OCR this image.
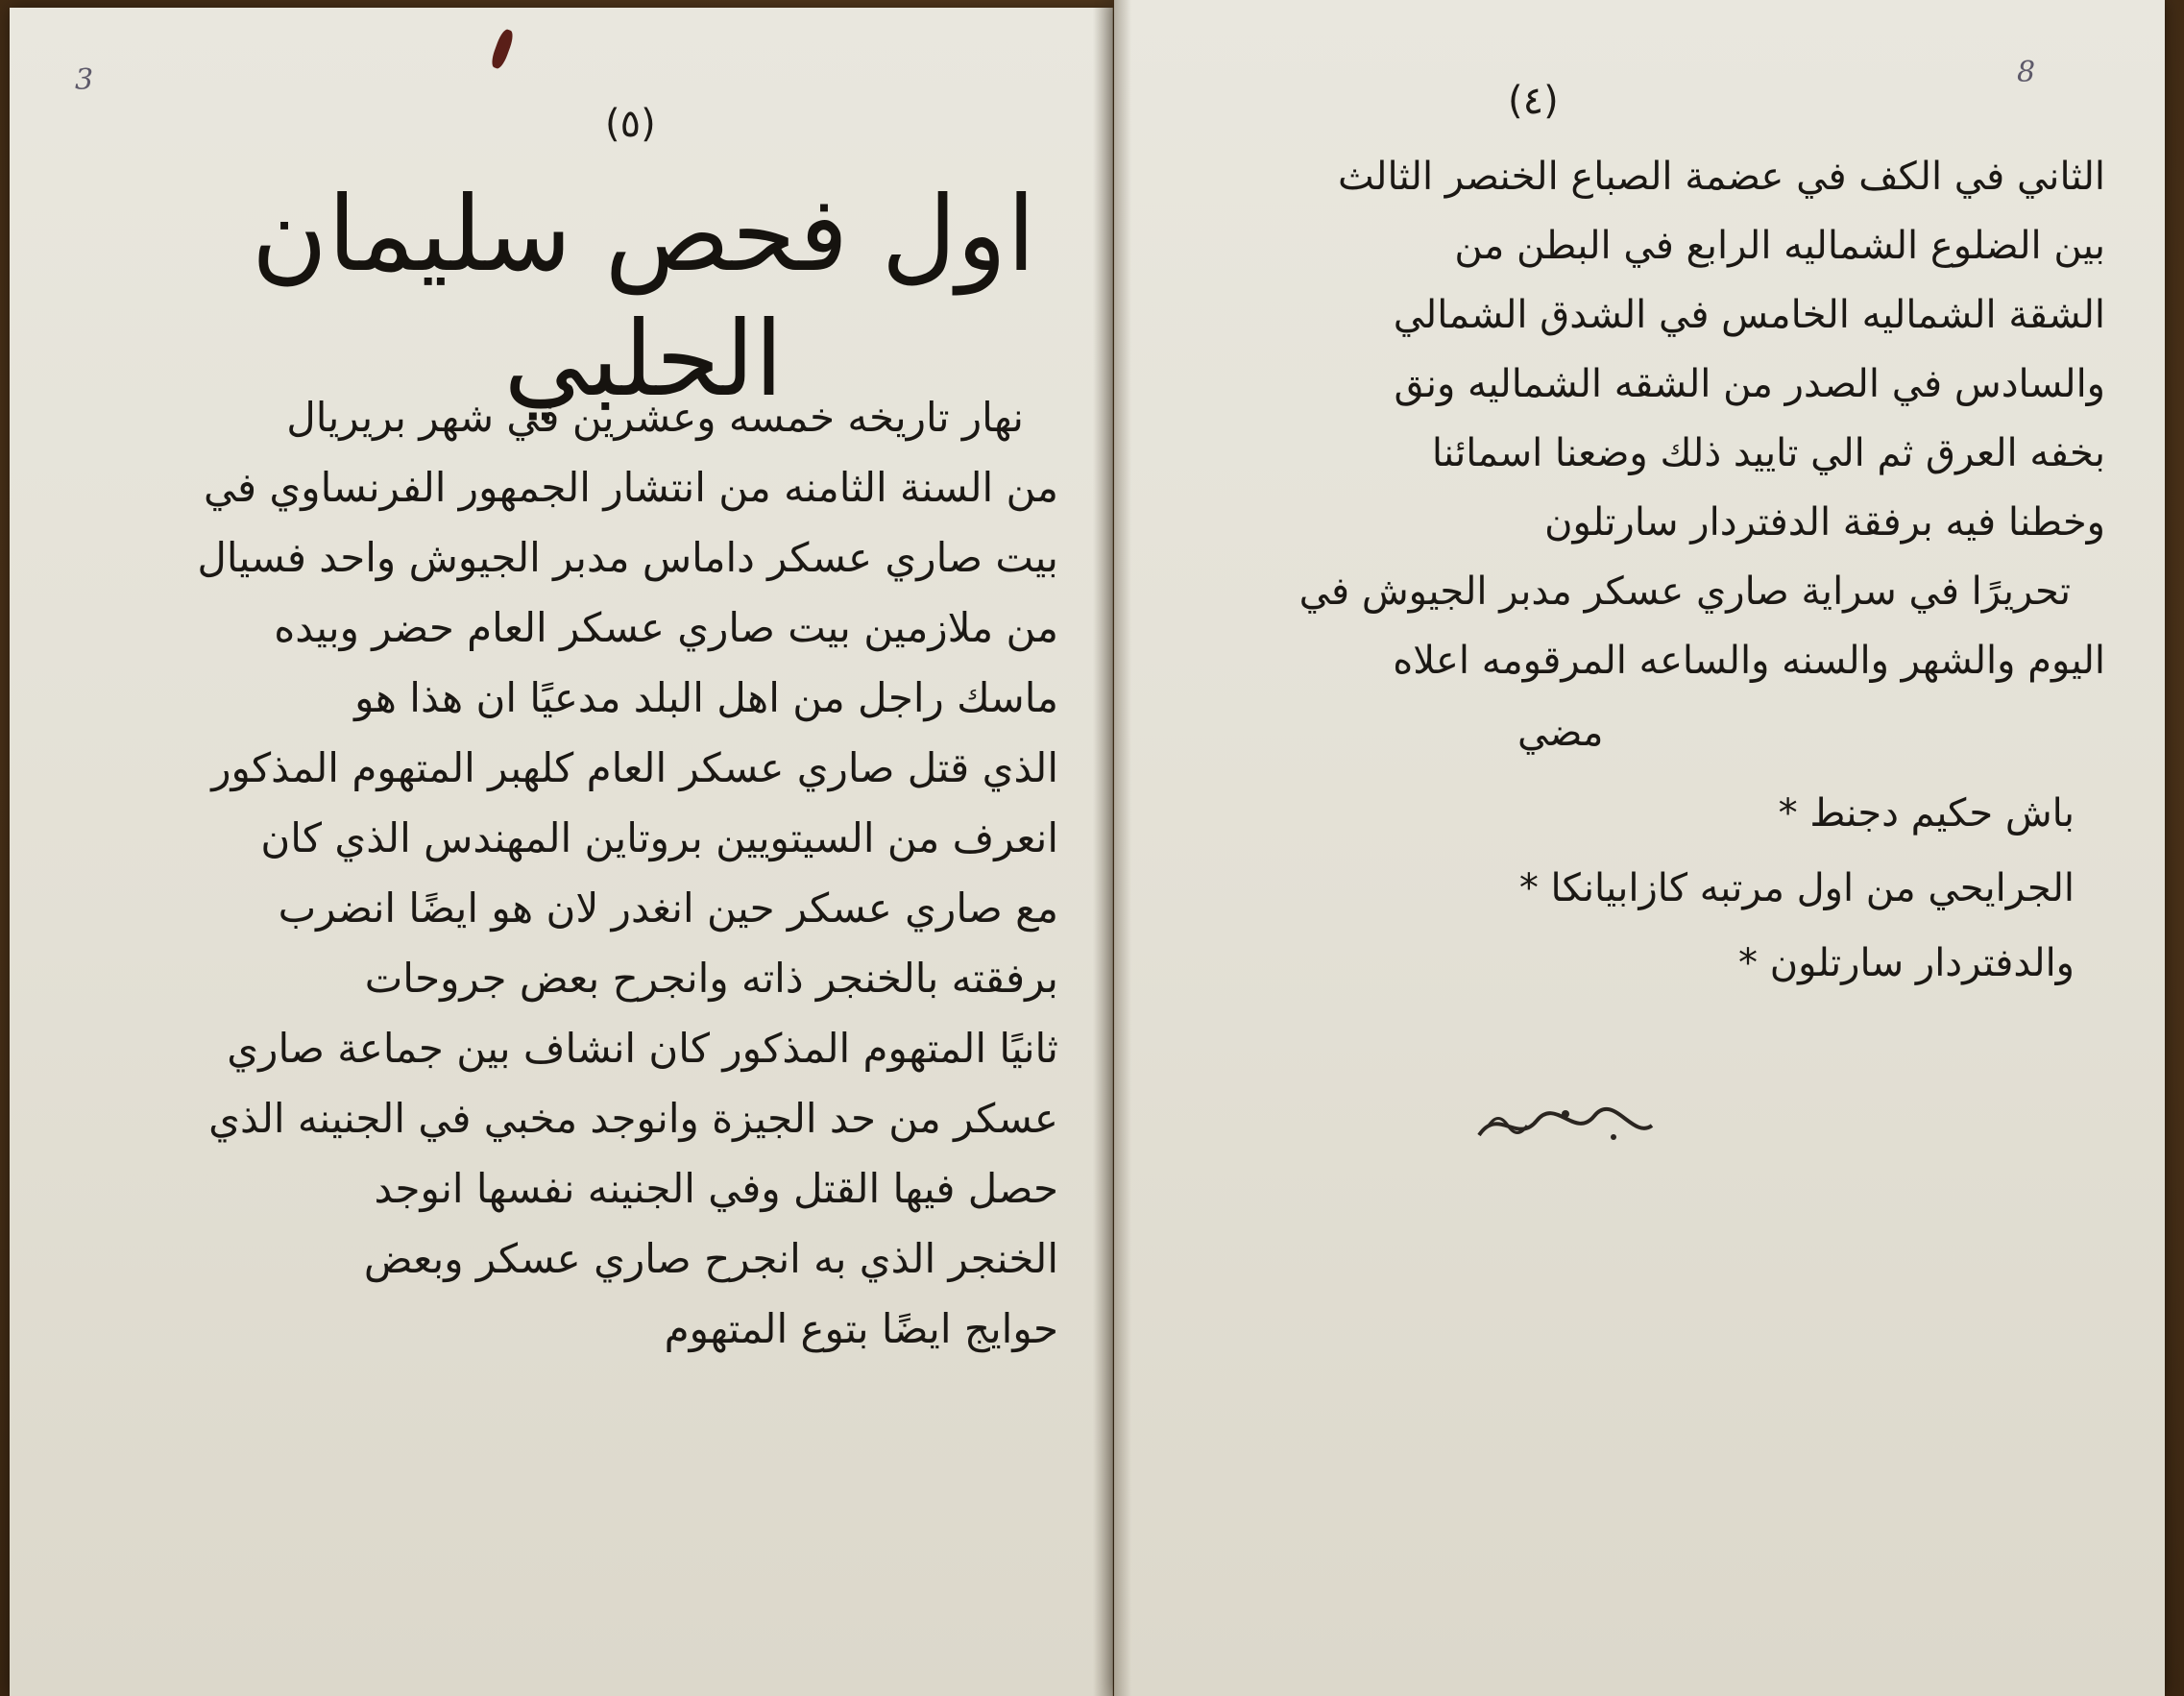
3
(٥)
اول فحص سليمان الحلبي
نهار تاريخه خمسه وعشرين في شهر بريريال
من السنة الثامنه من انتشار الجمهور الفرنساوي في
بيت صاري عسكر داماس مدبر الجيوش واحد فسيال
من ملازمين بيت صاري عسكر العام حضر وبيده
ماسك راجل من اهل البلد مدعيًا ان هذا هو
الذي قتل صاري عسكر العام كلهبر المتهوم المذكور
انعرف من السيتويين بروتاين المهندس الذي كان
مع صاري عسكر حين انغدر لان هو ايضًا انضرب
برفقته بالخنجر ذاته وانجرح بعض جروحات
ثانيًا المتهوم المذكور كان انشاف بين جماعة صاري
عسكر من حد الجيزة وانوجد مخبي في الجنينه الذي
حصل فيها القتل وفي الجنينه نفسها انوجد
الخنجر الذي به انجرح صاري عسكر وبعض
حوايج ايضًا بتوع المتهوم
8
(٤)
الثاني في الكف في عضمة الصباع الخنصر الثالث
بين الضلوع الشماليه الرابع في البطن من
الشقة الشماليه الخامس في الشدق الشمالي
والسادس في الصدر من الشقه الشماليه ونق
بخفه العرق ثم الي تاييد ذلك وضعنا اسمائنا
وخطنا فيه برفقة الدفتردار سارتلون
تحريرًا في سراية صاري عسكر مدبر الجيوش في
اليوم والشهر والسنه والساعه المرقومه اعلاه
مضي
باش حكيم دجنط *
الجرايحي من اول مرتبه كازابيانكا *
والدفتردار سارتلون *
